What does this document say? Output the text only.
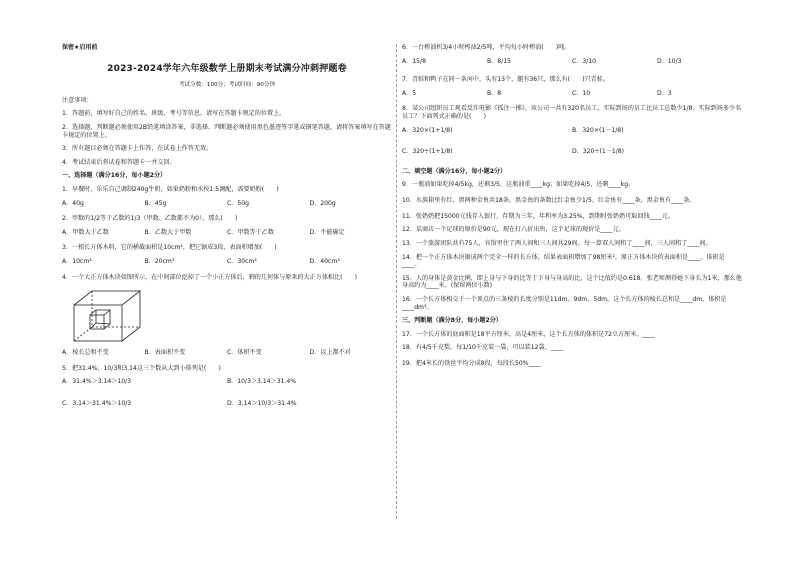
保密★启用前
2023-2024学年六年级数学上册期末考试满分冲刺押题卷
考试分数：100分；考试时间：90分钟
注意事项：
1．答题前，填写好自己的姓名、班级、考号等信息，请写在答题卡规定的位置上。
2．选择题、判断题必须使用2B铅笔填涂答案，非选择、判断题必须使用黑色墨迹签字笔或钢笔答题，请将答案填写在答题卡规定的位置上。
3．所有题目必须在答题卡上作答，在试卷上作答无效。
4．考试结束后将试卷和答题卡一并交回。
一、选择题（满分16分，每小题2分）
1．早餐时，乐乐自己调制240g牛奶，如果奶粉和水按1:5调配，需要奶粉(　　)
A．40g	B．45g	C．50g	D．200g
2．甲数的1/2等于乙数的1/3（甲数、乙数都不为0），那么(　　)
A．甲数大于乙数	B．乙数大于甲数	C．甲数等于乙数	D．不能确定
3．一根长方体木料，它的横截面积是10cm²，把它锯成3段，表面积增加(　　)
A．10cm²	B．20cm²	C．30cm²	D．40cm²
4．一个大正方体木块如图所示，在中间部位挖掉了一个小正方体后，剩的几何体与原来的大正方体相比(　　)
A．棱长总和不变	B．表面积不变	C．体积不变	D．以上都不对
5．把31.4%、10/3和3.14这三个数从大到小排列是(　　)
A．31.4%＞3.14＞10/3	B．10/3＞3.14＞31.4%
C．3.14＞31.4%＞10/3	D．3.14＞10/3＞31.4%
6．一台榨油机3/4小时榨油2/5吨，平均每小时榨油(　　)吨。
A．15/8	B．8/15	C．3/10	D．10/3
7．青蛙和鸭子在同一条河中，头有13个，腿有36只，那么有(　　)只青蛙。
A．5	B．8	C．10	D．3
8．某公司组织员工观看反诈电影《孤注一掷》，该公司一共有320名员工，实际到场的员工比员工总数少1/8，实际到场多少名员工？下面列式正确的是(　　)
A．320×(1+1/8)	B．320×(1－1/8)
C．320÷(1+1/8)	D．320÷(1－1/8)
二、填空题（满分16分，每小题2分）
9．一瓶油如果吃掉4/5kg，还剩3/5，这瓶油重____kg；如果吃掉4/5，还剩____kg。
10．水族箱里有红、黑两种金鱼共18条。黑金鱼的条数比红金鱼少1/5，红金鱼有____条，黑金鱼有____条。
11．张奶奶把15000元钱存入银行，存期为三年，年利率为3.25%，到期时张奶奶可取回钱____元。
12．某商店一个足球的原价是90元，现在打八折出售，这个足球的现价是____元。
13．一个旅游团队共有75人，宾馆里住了两人间和三人间共29间。每一算双人间租了____间，三人间租了____间。
14．把一个正方体木块锯成两个完全一样的长方体，结果表面积增加了98厘米²，原正方体木块的表面积是____，体积是____。
15．人的身体是黄金比例，即上身与下身的比等于下身与身高的比，这个比值约是0.618。张老师测得她下身长为1米，那么他身高约为____米。(保留两位小数)
16．一个长方体相交于一个顶点的三条棱的长度分别是11dm、9dm、5dm，这个长方体的棱长总和是____dm，体积是____dm³。
三、判断题（满分8分，每小题2分）
17．一个长方体的底面积是18平方厘米，高是4厘米，这个长方体的体积是72立方厘米。____
18．有4/5千克梨，每1/10千克装一袋，可以装12袋。____
19．把4米长的铁丝平均分成8段，每段长50%____
